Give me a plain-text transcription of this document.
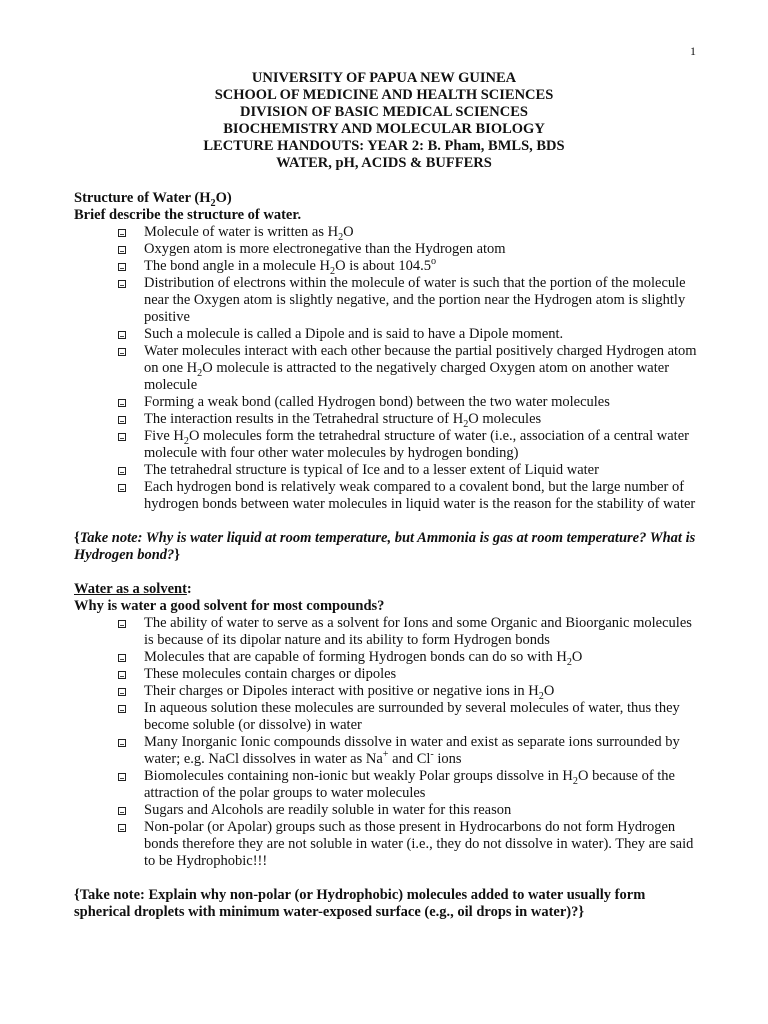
1
UNIVERSITY OF PAPUA NEW GUINEA
SCHOOL OF MEDICINE AND HEALTH SCIENCES
DIVISION OF BASIC MEDICAL SCIENCES
BIOCHEMISTRY AND MOLECULAR BIOLOGY
LECTURE HANDOUTS: YEAR 2: B. Pham, BMLS, BDS
WATER, pH, ACIDS & BUFFERS
Structure of Water $(H_2O)$
Brief describe the structure of water.
Molecule of water is written as $H_2O$
Oxygen atom is more electronegative than the Hydrogen atom
The bond angle in a molecule $H_2O$ is about 104.5$^o$
Distribution of electrons within the molecule of water is such that the portion of the molecule near the Oxygen atom is slightly negative, and the portion near the Hydrogen atom is slightly positive
Such a molecule is called a Dipole and is said to have a Dipole moment.
Water molecules interact with each other because the partial positively charged Hydrogen atom on one $H_2O$ molecule is attracted to the negatively charged Oxygen atom on another water molecule
Forming a weak bond (called Hydrogen bond) between the two water molecules
The interaction results in the Tetrahedral structure of $H_2O$ molecules
Five $H_2O$ molecules form the tetrahedral structure of water (i.e., association of a central water molecule with four other water molecules by hydrogen bonding)
The tetrahedral structure is typical of Ice and to a lesser extent of Liquid water
Each hydrogen bond is relatively weak compared to a covalent bond, but the large number of hydrogen bonds between water molecules in liquid water is the reason for the stability of water
{Take note: Why is water liquid at room temperature, but Ammonia is gas at room temperature? What is Hydrogen bond?}
Water as a solvent:
Why is water a good solvent for most compounds?
The ability of water to serve as a solvent for Ions and some Organic and Bioorganic molecules is because of its dipolar nature and its ability to form Hydrogen bonds
Molecules that are capable of forming Hydrogen bonds can do so with $H_2O$
These molecules contain charges or dipoles
Their charges or Dipoles interact with positive or negative ions in $H_2O$
In aqueous solution these molecules are surrounded by several molecules of water, thus they become soluble (or dissolve) in water
Many Inorganic Ionic compounds dissolve in water and exist as separate ions surrounded by water; e.g. NaCl dissolves in water as Na+ and Cl- ions
Biomolecules containing non-ionic but weakly Polar groups dissolve in $H_2O$ because of the attraction of the polar groups to water molecules
Sugars and Alcohols are readily soluble in water for this reason
Non-polar (or Apolar) groups such as those present in Hydrocarbons do not form Hydrogen bonds therefore they are not soluble in water (i.e., they do not dissolve in water). They are said to be Hydrophobic!!!
{Take note: Explain why non-polar (or Hydrophobic) molecules added to water usually form spherical droplets with minimum water-exposed surface (e.g., oil drops in water)?}
